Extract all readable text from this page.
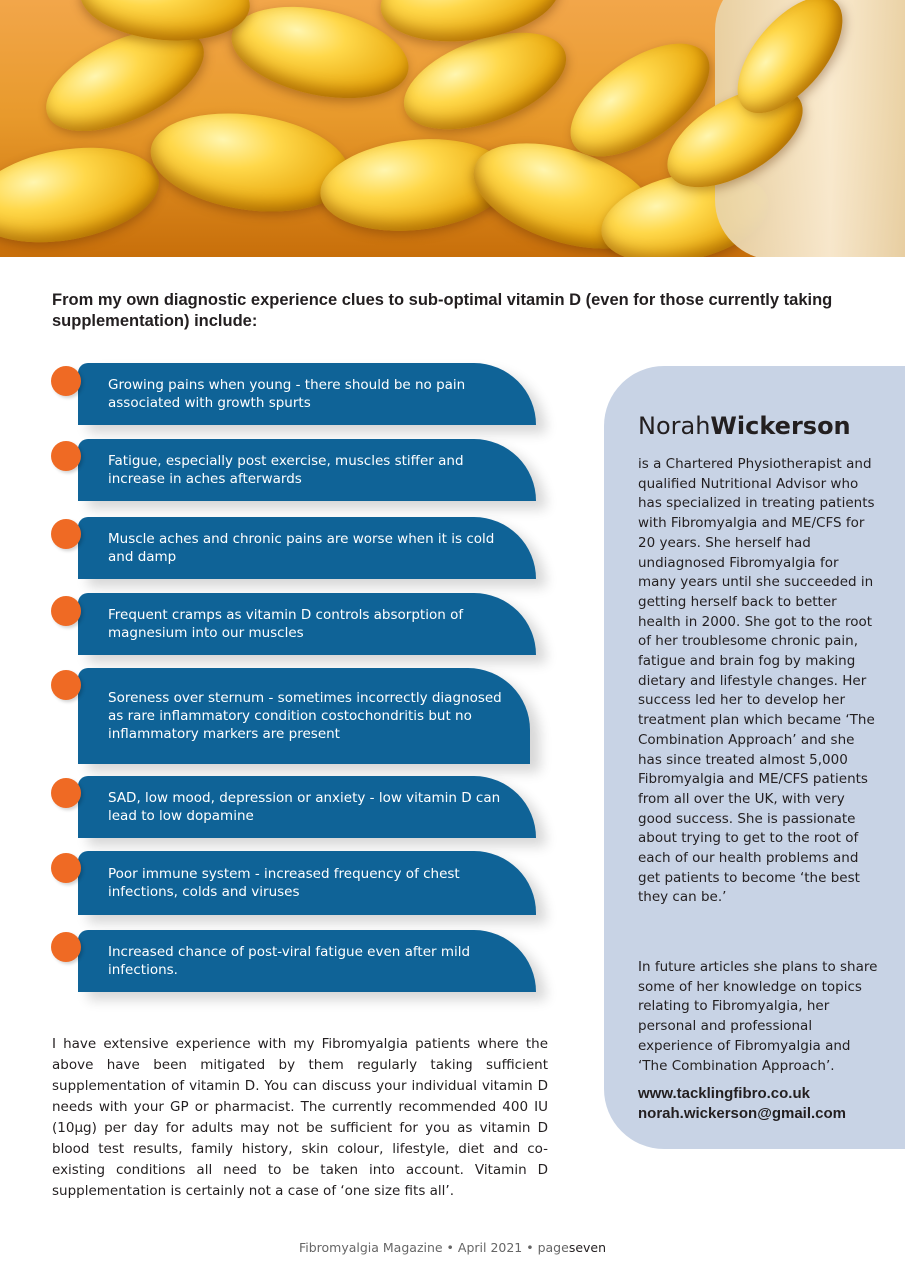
From my own diagnostic experience clues to sub-optimal vitamin D (even for those currently taking supplementation) include:

Growing pains when young - there should be no pain associated with growth spurts
Fatigue, especially post exercise, muscles stiffer and increase in aches afterwards
Muscle aches and chronic pains are worse when it is cold and damp
Frequent cramps as vitamin D controls absorption of magnesium into our muscles
Soreness over sternum - sometimes incorrectly diagnosed as rare inflammatory condition costochondritis but no inflammatory markers are present
SAD, low mood, depression or anxiety - low vitamin D can lead to low dopamine
Poor immune system - increased frequency of chest infections, colds and viruses
Increased chance of post-viral fatigue even after mild infections.

I have extensive experience with my Fibromyalgia patients where the above have been mitigated by them regularly taking sufficient supplementation of vitamin D. You can discuss your individual vitamin D needs with your GP or pharmacist. The currently recommended 400 IU (10µg) per day for adults may not be sufficient for you as vitamin D blood test results, family history, skin colour, lifestyle, diet and co-existing conditions all need to be taken into account. Vitamin D supplementation is certainly not a case of ‘one size fits all’.

NorahWickerson

is a Chartered Physiotherapist and qualified Nutritional Advisor who has specialized in treating patients with Fibromyalgia and ME/CFS for 20 years. She herself had undiagnosed Fibromyalgia for many years until she succeeded in getting herself back to better health in 2000. She got to the root of her troublesome chronic pain, fatigue and brain fog by making dietary and lifestyle changes. Her success led her to develop her treatment plan which became ‘The Combination Approach’ and she has since treated almost 5,000 Fibromyalgia and ME/CFS patients from all over the UK, with very good success. She is passionate about trying to get to the root of each of our health problems and get patients to become ‘the best they can be.’

In future articles she plans to share some of her knowledge on topics relating to Fibromyalgia, her personal and professional experience of Fibromyalgia and ‘The Combination Approach’.

www.tacklingfibro.co.uk
norah.wickerson@gmail.com
Fibromyalgia Magazine • April 2021 • pageseven
